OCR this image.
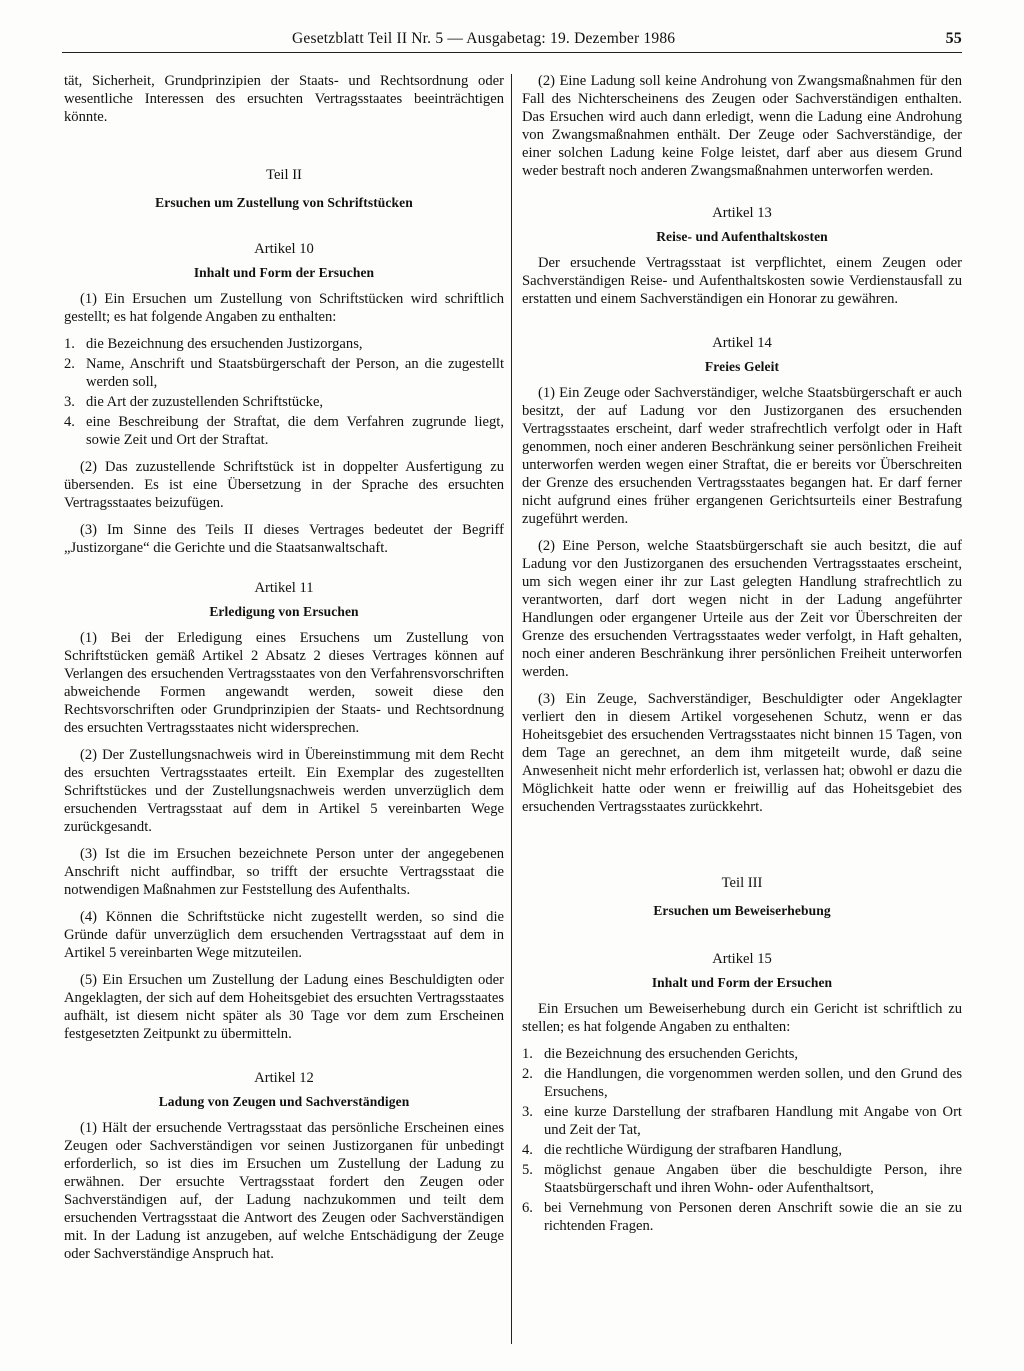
Gesetzblatt Teil II Nr. 5 — Ausgabetag: 19. Dezember 1986	55

tät, Sicherheit, Grundprinzipien der Staats- und Rechtsordnung oder wesentliche Interessen des ersuchten Vertragsstaates beeinträchtigen könnte.

Teil II
Ersuchen um Zustellung von Schriftstücken
Artikel 10
Inhalt und Form der Ersuchen

(1) Ein Ersuchen um Zustellung von Schriftstücken wird schriftlich gestellt; es hat folgende Angaben zu enthalten:

1. die Bezeichnung des ersuchenden Justizorgans,
2. Name, Anschrift und Staatsbürgerschaft der Person, an die zugestellt werden soll,
3. die Art der zuzustellenden Schriftstücke,
4. eine Beschreibung der Straftat, die dem Verfahren zugrunde liegt, sowie Zeit und Ort der Straftat.

(2) Das zuzustellende Schriftstück ist in doppelter Ausfertigung zu übersenden. Es ist eine Übersetzung in der Sprache des ersuchten Vertragsstaates beizufügen.

(3) Im Sinne des Teils II dieses Vertrages bedeutet der Begriff „Justizorgane“ die Gerichte und die Staatsanwaltschaft.

Artikel 11
Erledigung von Ersuchen

(1) Bei der Erledigung eines Ersuchens um Zustellung von Schriftstücken gemäß Artikel 2 Absatz 2 dieses Vertrages können auf Verlangen des ersuchenden Vertragsstaates von den Verfahrensvorschriften abweichende Formen angewandt werden, soweit diese den Rechtsvorschriften oder Grundprinzipien der Staats- und Rechtsordnung des ersuchten Vertragsstaates nicht widersprechen.

(2) Der Zustellungsnachweis wird in Übereinstimmung mit dem Recht des ersuchten Vertragsstaates erteilt. Ein Exemplar des zugestellten Schriftstückes und der Zustellungsnachweis werden unverzüglich dem ersuchenden Vertragsstaat auf dem in Artikel 5 vereinbarten Wege zurückgesandt.

(3) Ist die im Ersuchen bezeichnete Person unter der angegebenen Anschrift nicht auffindbar, so trifft der ersuchte Vertragsstaat die notwendigen Maßnahmen zur Feststellung des Aufenthalts.

(4) Können die Schriftstücke nicht zugestellt werden, so sind die Gründe dafür unverzüglich dem ersuchenden Vertragsstaat auf dem in Artikel 5 vereinbarten Wege mitzuteilen.

(5) Ein Ersuchen um Zustellung der Ladung eines Beschuldigten oder Angeklagten, der sich auf dem Hoheitsgebiet des ersuchten Vertragsstaates aufhält, ist diesem nicht später als 30 Tage vor dem zum Erscheinen festgesetzten Zeitpunkt zu übermitteln.

Artikel 12
Ladung von Zeugen und Sachverständigen

(1) Hält der ersuchende Vertragsstaat das persönliche Erscheinen eines Zeugen oder Sachverständigen vor seinen Justizorganen für unbedingt erforderlich, so ist dies im Ersuchen um Zustellung der Ladung zu erwähnen. Der ersuchte Vertragsstaat fordert den Zeugen oder Sachverständigen auf, der Ladung nachzukommen und teilt dem ersuchenden Vertragsstaat die Antwort des Zeugen oder Sachverständigen mit. In der Ladung ist anzugeben, auf welche Entschädigung der Zeuge oder Sachverständige Anspruch hat.

(2) Eine Ladung soll keine Androhung von Zwangsmaßnahmen für den Fall des Nichterscheinens des Zeugen oder Sachverständigen enthalten. Das Ersuchen wird auch dann erledigt, wenn die Ladung eine Androhung von Zwangsmaßnahmen enthält. Der Zeuge oder Sachverständige, der einer solchen Ladung keine Folge leistet, darf aber aus diesem Grund weder bestraft noch anderen Zwangsmaßnahmen unterworfen werden.

Artikel 13
Reise- und Aufenthaltskosten

Der ersuchende Vertragsstaat ist verpflichtet, einem Zeugen oder Sachverständigen Reise- und Aufenthaltskosten sowie Verdienstausfall zu erstatten und einem Sachverständigen ein Honorar zu gewähren.

Artikel 14
Freies Geleit

(1) Ein Zeuge oder Sachverständiger, welche Staatsbürgerschaft er auch besitzt, der auf Ladung vor den Justizorganen des ersuchenden Vertragsstaates erscheint, darf weder strafrechtlich verfolgt oder in Haft genommen, noch einer anderen Beschränkung seiner persönlichen Freiheit unterworfen werden wegen einer Straftat, die er bereits vor Überschreiten der Grenze des ersuchenden Vertragsstaates begangen hat. Er darf ferner nicht aufgrund eines früher ergangenen Gerichtsurteils einer Bestrafung zugeführt werden.

(2) Eine Person, welche Staatsbürgerschaft sie auch besitzt, die auf Ladung vor den Justizorganen des ersuchenden Vertragsstaates erscheint, um sich wegen einer ihr zur Last gelegten Handlung strafrechtlich zu verantworten, darf dort wegen nicht in der Ladung angeführter Handlungen oder ergangener Urteile aus der Zeit vor Überschreiten der Grenze des ersuchenden Vertragsstaates weder verfolgt, in Haft gehalten, noch einer anderen Beschränkung ihrer persönlichen Freiheit unterworfen werden.

(3) Ein Zeuge, Sachverständiger, Beschuldigter oder Angeklagter verliert den in diesem Artikel vorgesehenen Schutz, wenn er das Hoheitsgebiet des ersuchenden Vertragsstaates nicht binnen 15 Tagen, von dem Tage an gerechnet, an dem ihm mitgeteilt wurde, daß seine Anwesenheit nicht mehr erforderlich ist, verlassen hat; obwohl er dazu die Möglichkeit hatte oder wenn er freiwillig auf das Hoheitsgebiet des ersuchenden Vertragsstaates zurückkehrt.

Teil III
Ersuchen um Beweiserhebung
Artikel 15
Inhalt und Form der Ersuchen

Ein Ersuchen um Beweiserhebung durch ein Gericht ist schriftlich zu stellen; es hat folgende Angaben zu enthalten:

1. die Bezeichnung des ersuchenden Gerichts,
2. die Handlungen, die vorgenommen werden sollen, und den Grund des Ersuchens,
3. eine kurze Darstellung der strafbaren Handlung mit Angabe von Ort und Zeit der Tat,
4. die rechtliche Würdigung der strafbaren Handlung,
5. möglichst genaue Angaben über die beschuldigte Person, ihre Staatsbürgerschaft und ihren Wohn- oder Aufenthaltsort,
6. bei Vernehmung von Personen deren Anschrift sowie die an sie zu richtenden Fragen.
